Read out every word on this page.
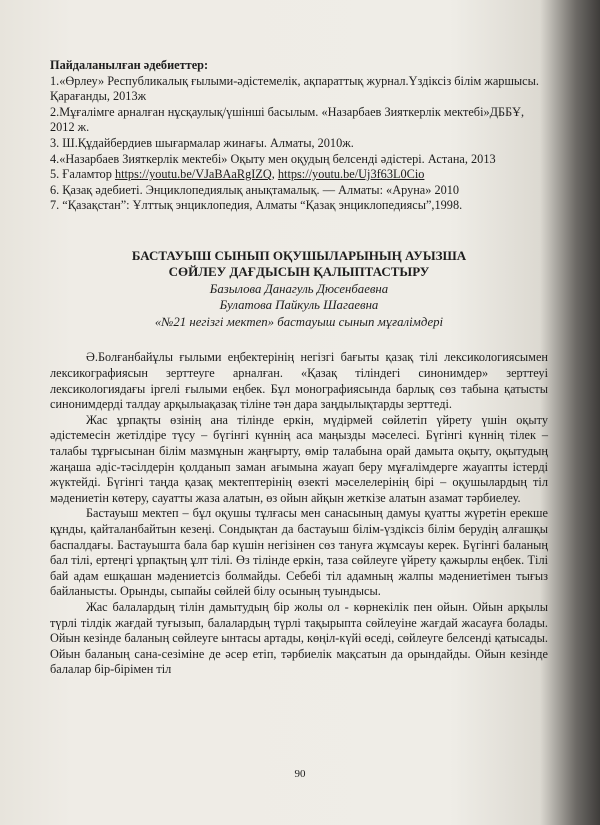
Пайдаланылған әдебиеттер:

1.«Өрлеу» Республикалық ғылыми-әдістемелік, ақпараттық журнал.Үздіксіз білім жаршысы. Қарағанды, 2013ж

2.Мұғалімге арналған нұсқаулық/үшінші басылым. «Назарбаев Зияткерлік мектебі»ДББҰ, 2012 ж.

3. Ш.Құдайбердиев шығармалар жинағы. Алматы, 2010ж.

4.«Назарбаев Зияткерлік мектебі» Оқыту мен оқудың белсенді әдістері. Астана, 2013

5. Ғаламтор https://youtu.be/VJaBAaRgIZQ, https://youtu.be/Uj3f63L0Cio

6. Қазақ әдебиеті. Энциклопедиялық анықтамалық. — Алматы: «Аруна» 2010

7. “Қазақстан”: Ұлттық энциклопедия, Алматы “Қазақ энциклопедиясы”,1998.

БАСТАУЫШ СЫНЫП ОҚУШЫЛАРЫНЫҢ АУЫЗША
СӨЙЛЕУ ДАҒДЫСЫН ҚАЛЫПТАСТЫРУ
Базылова Данагуль Дюсенбаевна
Булатова Пайкуль Шагаевна
«№21 негізгі мектеп» бастауыш сынып мұғалімдері

Ә.Болғанбайұлы ғылыми еңбектерінің негізгі бағыты қазақ тілі лексикологиясымен лексикографиясын зерттеуге арналған. «Қазақ тіліндегі синонимдер» зерттеуі лексикологиядағы іргелі ғылыми еңбек. Бұл монографиясында барлық сөз табына қатысты синонимдерді талдау арқылыақазақ тіліне тән дара заңдылықтарды зерттеді.

Жас ұрпақты өзінің ана тілінде еркін, мүдірмей сөйлетіп үйрету үшін оқыту әдістемесін жетілдіре түсу – бүгінгі күннің аса маңызды мәселесі. Бүгінгі күннің тілек – талабы тұрғысынан білім мазмұнын жаңғырту, өмір талабына орай дамыта оқыту, оқытудың жаңаша әдіс-тәсілдерін қолданып заман ағымына жауап беру мұғалімдерге жауапты істерді жүктейді. Бүгінгі таңда қазақ мектептерінің өзекті мәселелерінің бірі – оқушылардың тіл мәдениетін көтеру, сауатты жаза алатын, өз ойын айқын жеткізе алатын азамат тәрбиелеу.

Бастауыш мектеп – бұл оқушы тұлғасы мен санасының дамуы қуатты жүретін ерекше құнды, қайталанбайтын кезеңі. Сондықтан да бастауыш білім-үздіксіз білім берудің алғашқы баспалдағы. Бастауышта бала бар күшін негізінен сөз тануға жұмсауы керек. Бүгінгі баланың бал тілі, ертеңгі ұрпақтың ұлт тілі. Өз тілінде еркін, таза сөйлеуге үйрету қажырлы еңбек. Тілі бай адам ешқашан мәдениетсіз болмайды. Себебі тіл адамның жалпы мәдениетімен тығыз байланысты. Орынды, сыпайы сөйлей білу осының туындысы.

Жас балалардың тілін дамытудың бір жолы ол - көрнекілік пен ойын. Ойын арқылы түрлі тілдік жағдай туғызып, балалардың түрлі тақырыпта сөйлеуіне жағдай жасауға болады. Ойын кезінде баланың сөйлеуге ынтасы артады, көңіл-күйі өседі, сөйлеуге белсенді қатысады. Ойын баланың сана-сезіміне де әсер етіп, тәрбиелік мақсатын да орындайды. Ойын кезінде балалар бір-бірімен тіл

90
